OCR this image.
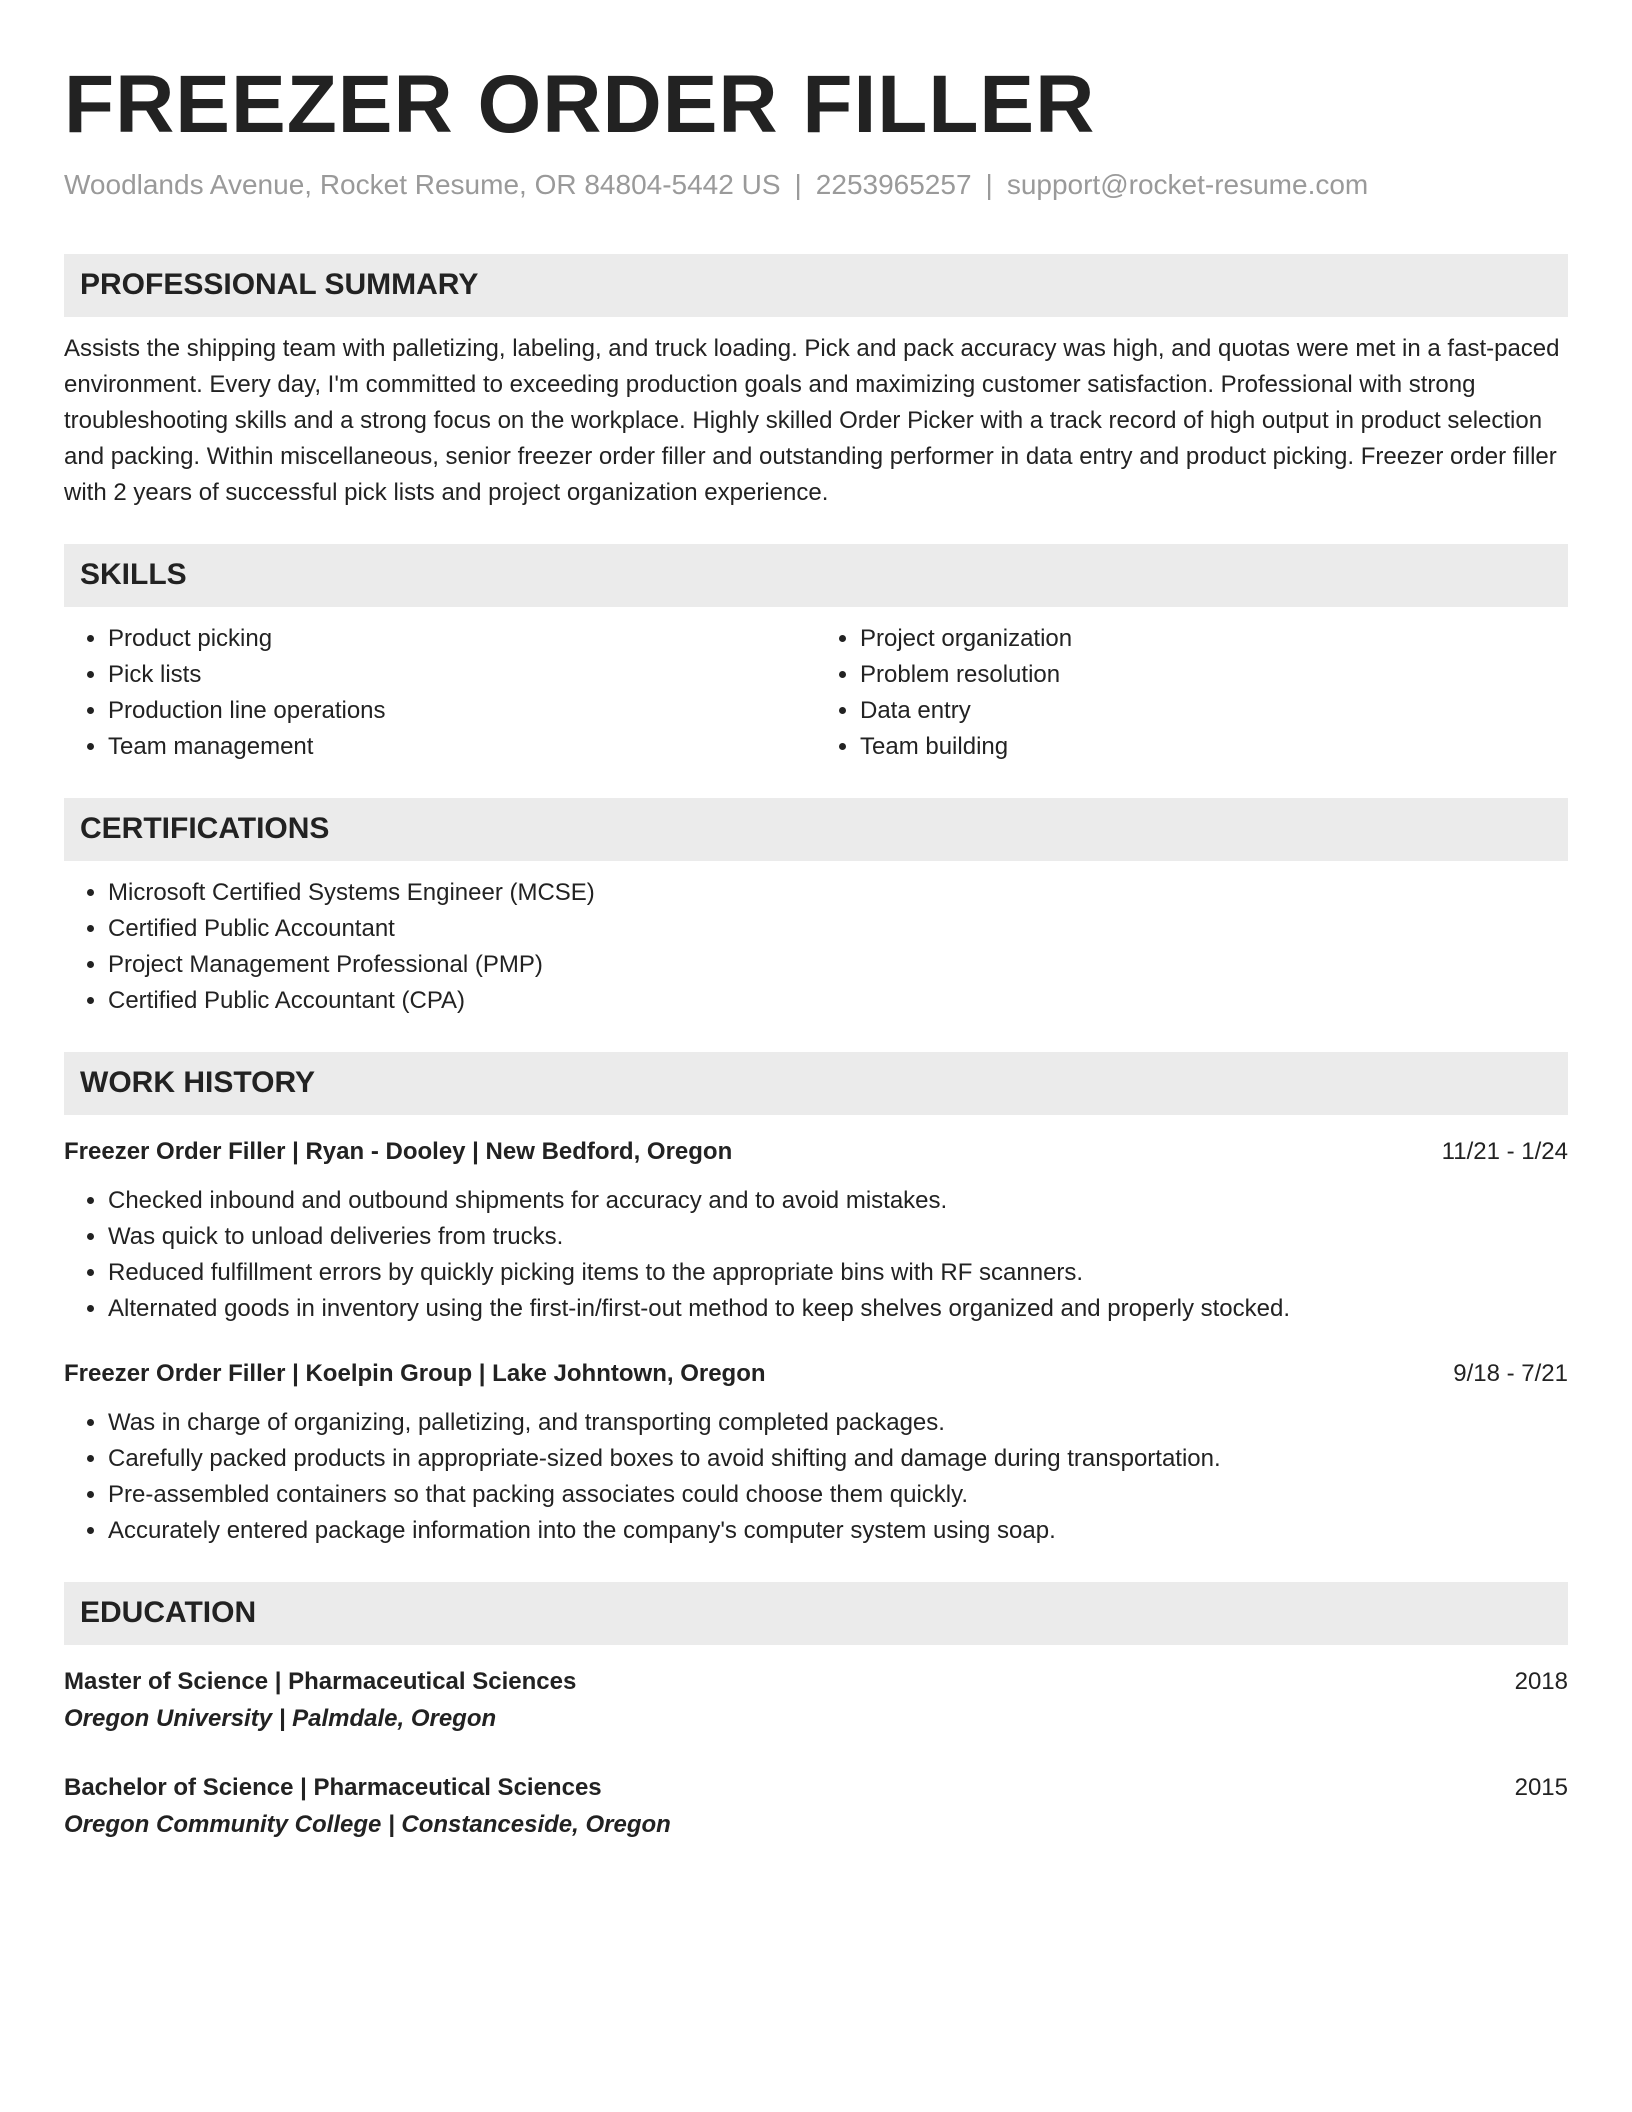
FREEZER ORDER FILLER
Woodlands Avenue, Rocket Resume, OR 84804-5442 US | 2253965257 | support@rocket-resume.com
PROFESSIONAL SUMMARY

Assists the shipping team with palletizing, labeling, and truck loading. Pick and pack accuracy was high, and quotas were met in a fast-paced environment. Every day, I'm committed to exceeding production goals and maximizing customer satisfaction. Professional with strong troubleshooting skills and a strong focus on the workplace. Highly skilled Order Picker with a track record of high output in product selection and packing. Within miscellaneous, senior freezer order filler and outstanding performer in data entry and product picking. Freezer order filler with 2 years of successful pick lists and project organization experience.

SKILLS
• Product picking
• Pick lists
• Production line operations
• Team management
• Project organization
• Problem resolution
• Data entry
• Team building
CERTIFICATIONS
• Microsoft Certified Systems Engineer (MCSE)
• Certified Public Accountant
• Project Management Professional (PMP)
• Certified Public Accountant (CPA)
WORK HISTORY
Freezer Order Filler | Ryan - Dooley | New Bedford, Oregon	11/21 - 1/24
• Checked inbound and outbound shipments for accuracy and to avoid mistakes.
• Was quick to unload deliveries from trucks.
• Reduced fulfillment errors by quickly picking items to the appropriate bins with RF scanners.
• Alternated goods in inventory using the first-in/first-out method to keep shelves organized and properly stocked.
Freezer Order Filler | Koelpin Group | Lake Johntown, Oregon	9/18 - 7/21
• Was in charge of organizing, palletizing, and transporting completed packages.
• Carefully packed products in appropriate-sized boxes to avoid shifting and damage during transportation.
• Pre-assembled containers so that packing associates could choose them quickly.
• Accurately entered package information into the company's computer system using soap.
EDUCATION
Master of Science | Pharmaceutical Sciences	2018
Oregon University | Palmdale, Oregon
Bachelor of Science | Pharmaceutical Sciences	2015
Oregon Community College | Constanceside, Oregon
